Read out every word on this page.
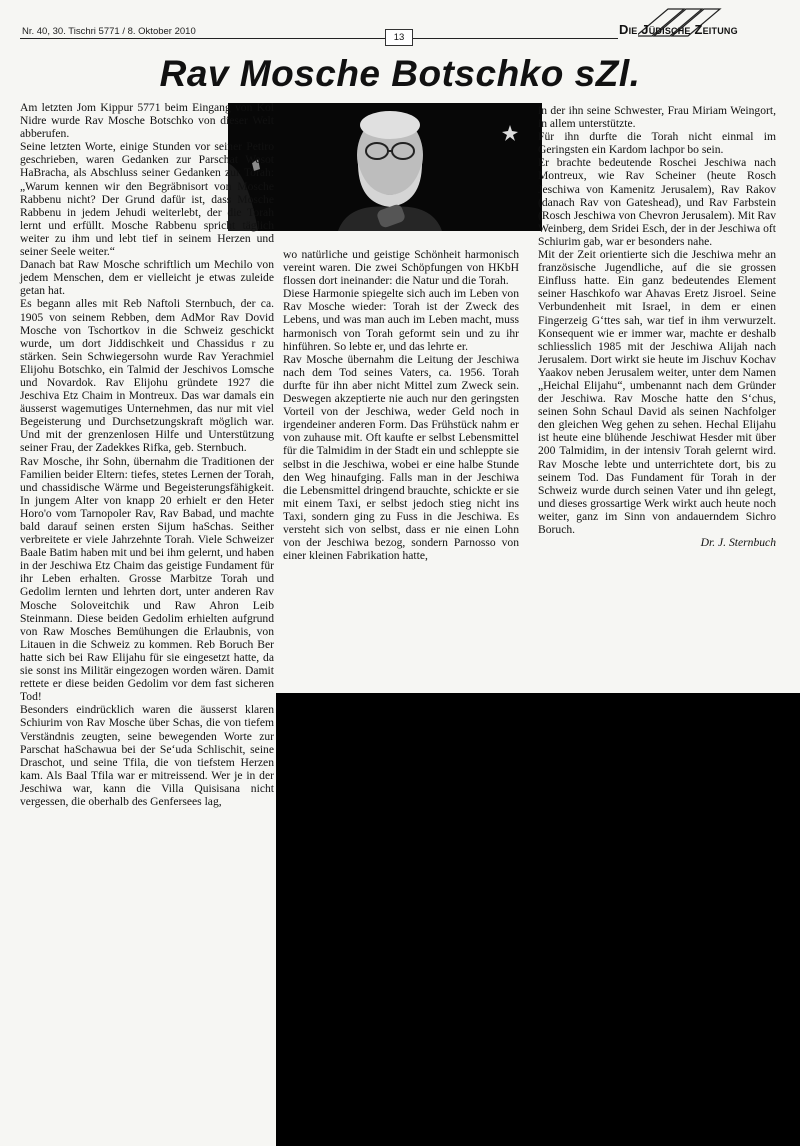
Nr. 40, 30. Tischri 5771 / 8. Oktober 2010
13
Die Jüdische Zeitung
Rav Mosche Botschko sZl.

Am letzten Jom Kippur 5771 beim Eingang von Kol Nidre wurde Rav Mosche Botschko von dieser Welt abberufen.

Seine letzten Worte, einige Stunden vor seiner Petiro geschrieben, waren Gedanken zur Parschat Wesot HaBracha, als Abschluss seiner Gedanken zur Torah: „Warum kennen wir den Begräbnisort von Mosche Rabbenu nicht? Der Grund dafür ist, dass Mosche Rabbenu in jedem Jehudi weiterlebt, der die Torah lernt und erfüllt. Mosche Rabbenu spricht täglich weiter zu ihm und lebt tief in seinem Herzen und seiner Seele weiter.“

Danach bat Raw Mosche schriftlich um Mechilo von jedem Menschen, dem er vielleicht je etwas zuleide getan hat.

Es begann alles mit Reb Naftoli Sternbuch, der ca. 1905 von seinem Rebben, dem AdMor Rav Dovid Mosche von Tschortkov in die Schweiz geschickt wurde, um dort Jiddischkeit und Chassidus r zu stärken. Sein Schwiegersohn wurde Rav Yerachmiel Elijohu Botschko, ein Talmid der Jeschivos Lomsche und Novardok. Rav Elijohu gründete 1927 die Jeschiva Etz Chaim in Montreux. Das war damals ein äusserst wagemutiges Unternehmen, das nur mit viel Begeisterung und Durchsetzungskraft möglich war. Und mit der grenzenlosen Hilfe und Unterstützung seiner Frau, der Zadekkes Rifka, geb. Sternbuch.

Rav Mosche, ihr Sohn, übernahm die Traditionen der Familien beider Eltern: tiefes, stetes Lernen der Torah, und chassidische Wärme und Begeisterungsfähigkeit. In jungem Alter von knapp 20 erhielt er den Heter Horo'o vom Tarnopoler Rav, Rav Babad, und machte bald darauf seinen ersten Sijum haSchas. Seither verbreitete er viele Jahrzehnte Torah. Viele Schweizer Baale Batim haben mit und bei ihm gelernt, und haben in der Jeschiwa Etz Chaim das geistige Fundament für ihr Leben erhalten. Grosse Marbitze Torah und Gedolim lernten und lehrten dort, unter anderen Rav Mosche Soloveitchik und Raw Ahron Leib Steinmann. Diese beiden Gedolim erhielten aufgrund von Raw Mosches Bemühungen die Erlaubnis, von Litauen in die Schweiz zu kommen. Reb Boruch Ber hatte sich bei Raw Elijahu für sie eingesetzt hatte, da sie sonst ins Militär eingezogen worden wären. Damit rettete er diese beiden Gedolim vor dem fast sicheren Tod!

Besonders eindrücklich waren die äusserst klaren Schiurim von Rav Mosche über Schas, die von tiefem Verständnis zeugten, seine bewegenden Worte zur Parschat haSchawua bei der Se‘uda Schlischit, seine Draschot, und seine Tfila, die von tiefstem Herzen kam. Als Baal Tfila war er mitreissend. Wer je in der Jeschiwa war, kann die Villa Quisisana nicht vergessen, die oberhalb des Genfersees lag,

wo natürliche und geistige Schönheit harmonisch vereint waren. Die zwei Schöpfungen von HKbH flossen dort ineinander: die Natur und die Torah.

Diese Harmonie spiegelte sich auch im Leben von Rav Mosche wieder: Torah ist der Zweck des Lebens, und was man auch im Leben macht, muss harmonisch von Torah geformt sein und zu ihr hinführen. So lebte er, und das lehrte er.

Rav Mosche übernahm die Leitung der Jeschiwa nach dem Tod seines Vaters, ca. 1956. Torah durfte für ihn aber nicht Mittel zum Zweck sein. Deswegen akzeptierte nie auch nur den geringsten Vorteil von der Jeschiwa, weder Geld noch in irgendeiner anderen Form. Das Frühstück nahm er von zuhause mit. Oft kaufte er selbst Lebensmittel für die Talmidim in der Stadt ein und schleppte sie selbst in die Jeschiwa, wobei er eine halbe Stunde den Weg hinaufging. Falls man in der Jeschiwa die Lebensmittel dringend brauchte, schickte er sie mit einem Taxi, er selbst jedoch stieg nicht ins Taxi, sondern ging zu Fuss in die Jeschiwa. Es versteht sich von selbst, dass er nie einen Lohn von der Jeschiwa bezog, sondern Parnosso von einer kleinen Fabrikation hatte,

in der ihn seine Schwester, Frau Miriam Weingort, in allem unterstützte.

Für ihn durfte die Torah nicht einmal im Geringsten ein Kardom lachpor bo sein.

Er brachte bedeutende Roschei Jeschiwa nach Montreux, wie Rav Scheiner (heute Rosch Jeschiwa von Kamenitz Jerusalem), Rav Rakov (danach Rav von Gateshead), und Rav Farbstein (Rosch Jeschiwa von Chevron Jerusalem). Mit Rav Weinberg, dem Sridei Esch, der in der Jeschiwa oft Schiurim gab, war er besonders nahe.

Mit der Zeit orientierte sich die Jeschiwa mehr an französische Jugendliche, auf die sie grossen Einfluss hatte. Ein ganz bedeutendes Element seiner Haschkofo war Ahavas Eretz Jisroel. Seine Verbundenheit mit Israel, in dem er einen Fingerzeig G‘ttes sah, war tief in ihm verwurzelt. Konsequent wie er immer war, machte er deshalb schliesslich 1985 mit der Jeschiwa Alijah nach Jerusalem. Dort wirkt sie heute im Jischuv Kochav Yaakov neben Jerusalem weiter, unter dem Namen „Heichal Elijahu“, umbenannt nach dem Gründer der Jeschiwa. Rav Mosche hatte den S‘chus, seinen Sohn Schaul David als seinen Nachfolger den gleichen Weg gehen zu sehen. Hechal Elijahu ist heute eine blühende Jeschiwat Hesder mit über 200 Talmidim, in der intensiv Torah gelernt wird. Rav Mosche lebte und unterrichtete dort, bis zu seinem Tod. Das Fundament für Torah in der Schweiz wurde durch seinen Vater und ihn gelegt, und dieses grossartige Werk wirkt auch heute noch weiter, ganz im Sinn von andauerndem Sichro Boruch.

Dr. J. Sternbuch
